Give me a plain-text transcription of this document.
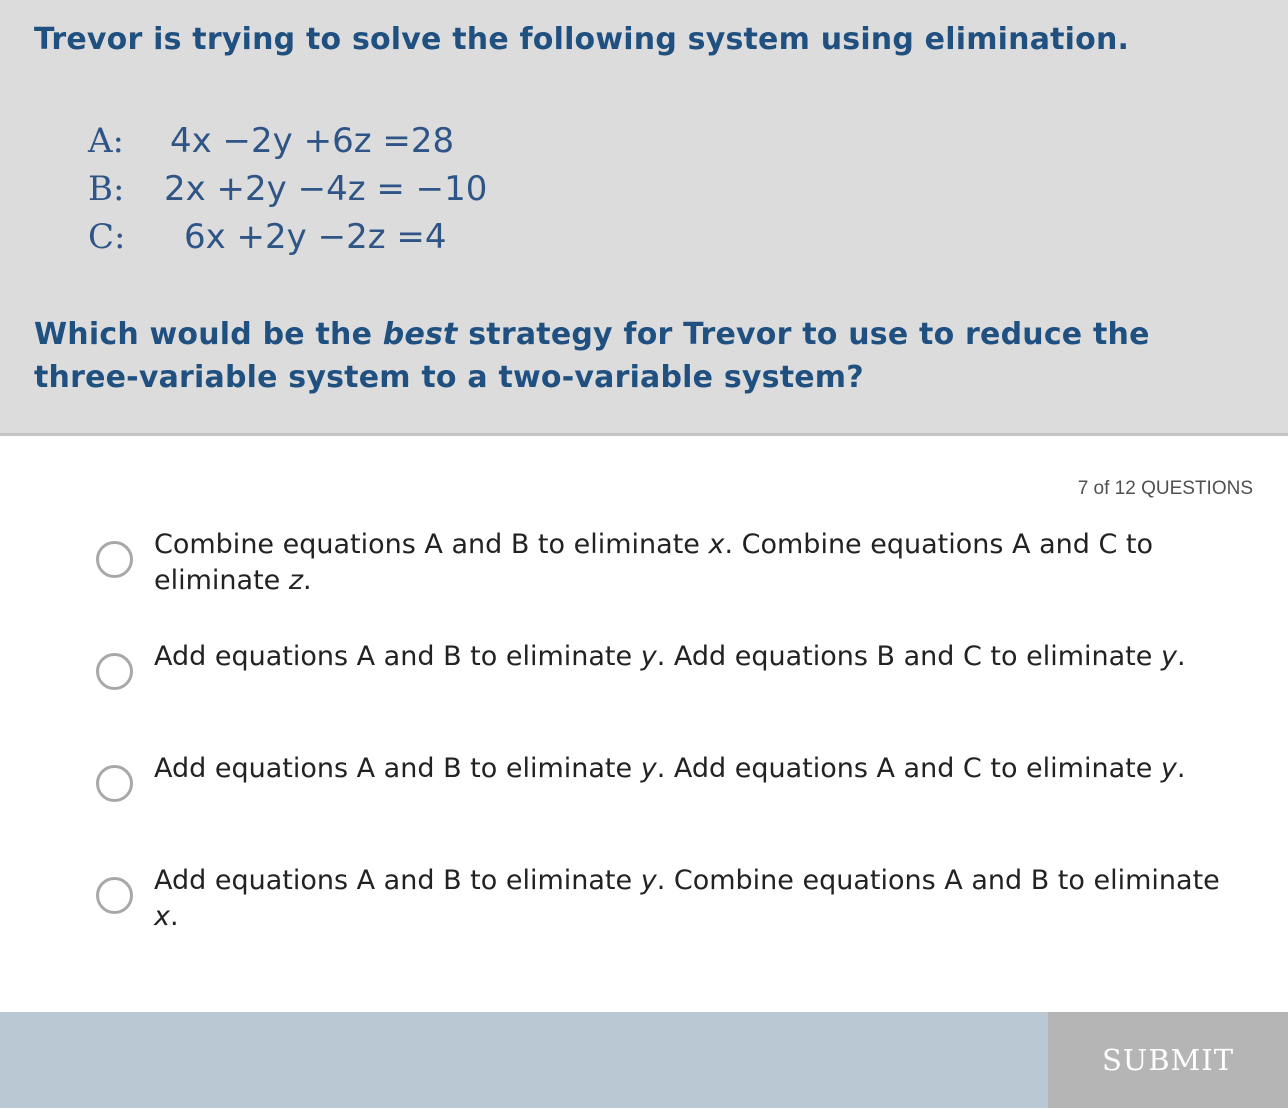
Trevor is trying to solve the following system using elimination.
A: 4x −2y +6z =28
B: 2x +2y −4z = −10
C: 6x +2y −2z =4
Which would be the best strategy for Trevor to use to reduce the three-variable system to a two-variable system?
7 of 12 QUESTIONS
Combine equations A and B to eliminate x. Combine equations A and C to eliminate z.
Add equations A and B to eliminate y. Add equations B and C to eliminate y.
Add equations A and B to eliminate y. Add equations A and C to eliminate y.
Add equations A and B to eliminate y. Combine equations A and B to eliminate x.
SUBMIT
